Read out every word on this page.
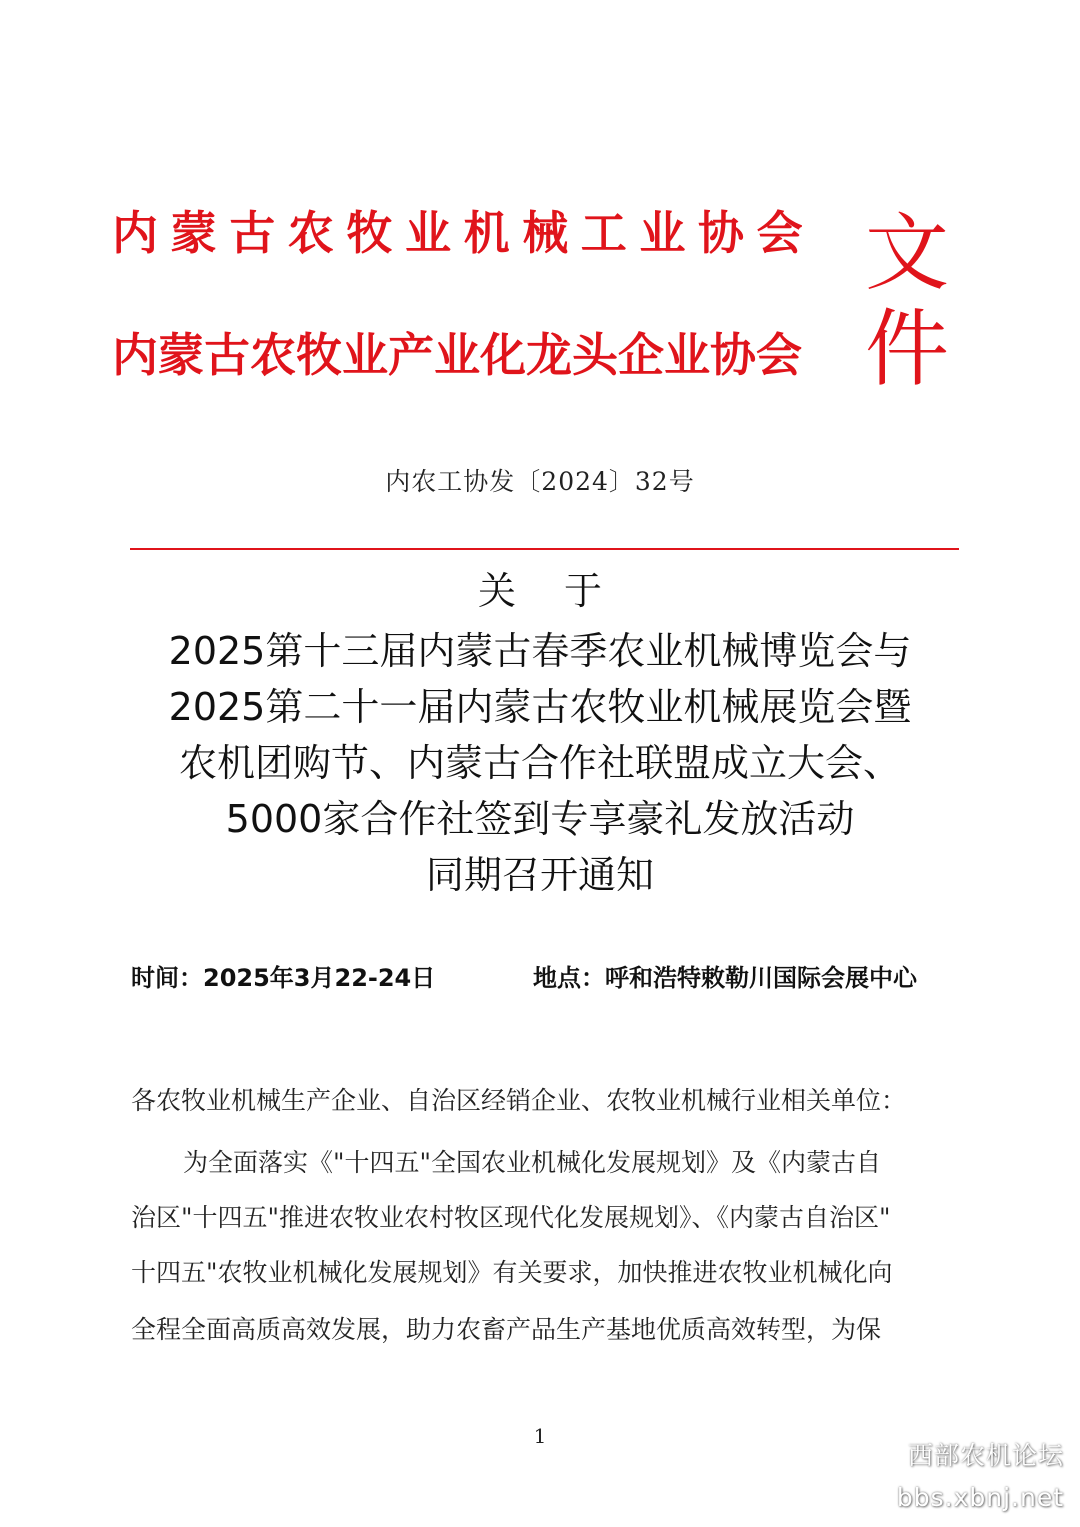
内蒙古农牧业机械工业协会
内蒙古农牧业产业化龙头企业协会
文
件
内农工协发〔2024〕32号
关于
2025第十三届内蒙古春季农业机械博览会与
2025第二十一届内蒙古农牧业机械展览会暨
农机团购节、内蒙古合作社联盟成立大会、
5000家合作社签到专享豪礼发放活动
同期召开通知
时间：2025年3月22-24日	地点：呼和浩特敕勒川国际会展中心
各农牧业机械生产企业、自治区经销企业、农牧业机械行业相关单位：
为全面落实《"十四五"全国农业机械化发展规划》及《内蒙古自
治区"十四五"推进农牧业农村牧区现代化发展规划》、《内蒙古自治区"
十四五"农牧业机械化发展规划》有关要求，加快推进农牧业机械化向
全程全面高质高效发展，助力农畜产品生产基地优质高效转型，为保
1
西部农机论坛
bbs.xbnj.net
